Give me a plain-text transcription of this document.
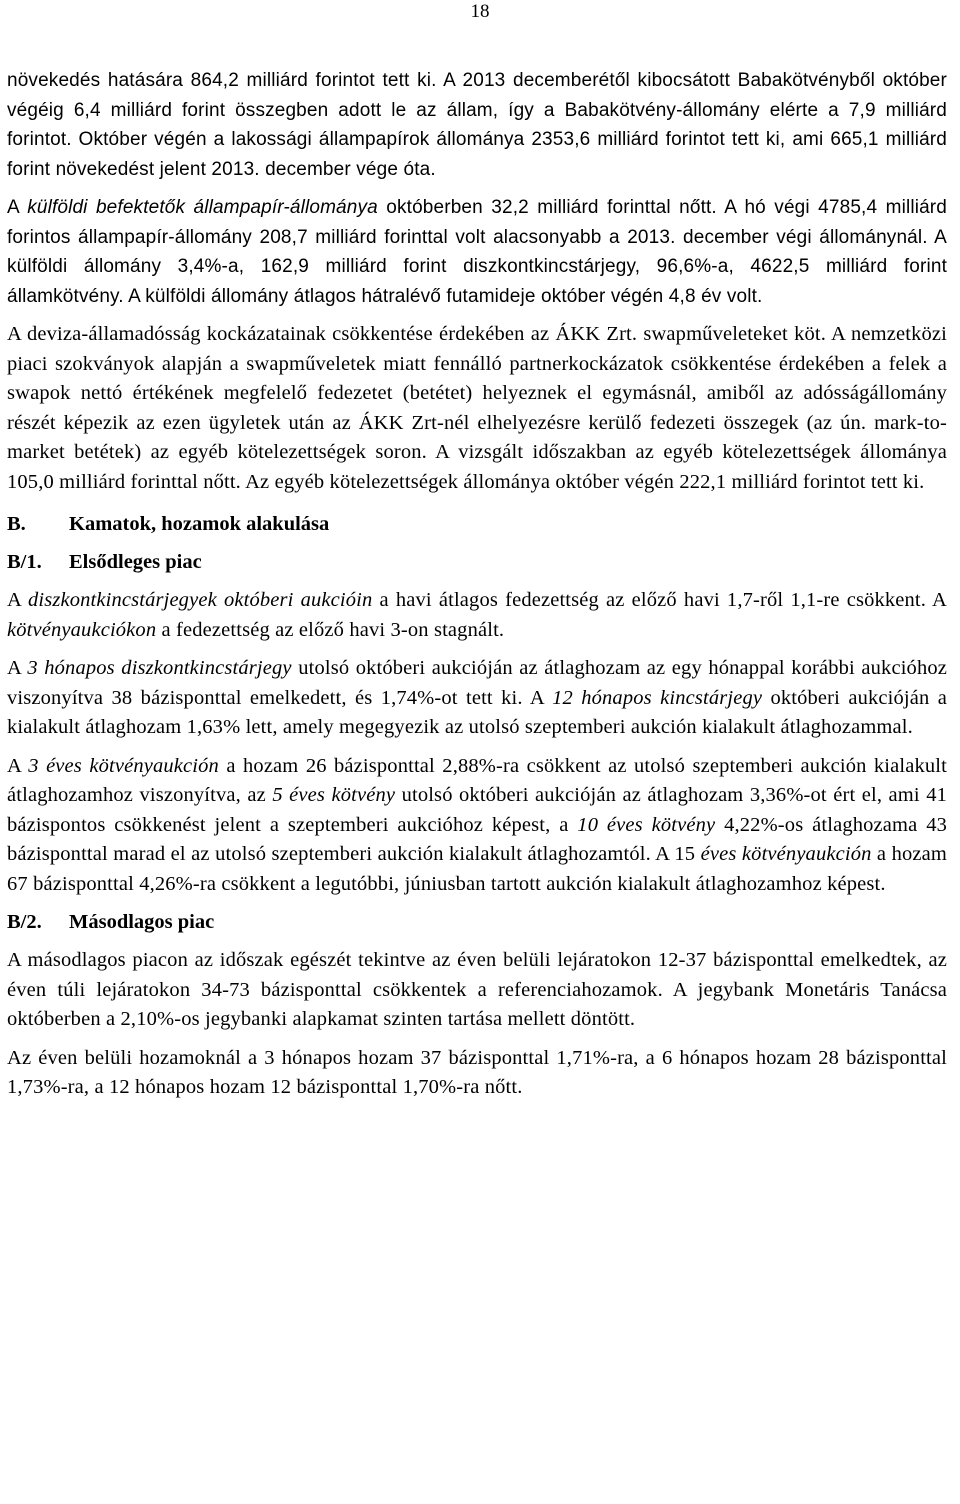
18

növekedés hatására 864,2 milliárd forintot tett ki. A 2013 decemberétől kibocsátott Babakötvényből október végéig 6,4 milliárd forint összegben adott le az állam, így a Babakötvény-állomány elérte a 7,9 milliárd forintot. Október végén a lakossági állampapírok állománya 2353,6 milliárd forintot tett ki, ami 665,1 milliárd forint növekedést jelent 2013. december vége óta.

A külföldi befektetők állampapír-állománya októberben 32,2 milliárd forinttal nőtt. A hó végi 4785,4 milliárd forintos állampapír-állomány 208,7 milliárd forinttal volt alacsonyabb a 2013. december végi állománynál. A külföldi állomány 3,4%-a, 162,9 milliárd forint diszkontkincstárjegy, 96,6%-a, 4622,5 milliárd forint államkötvény. A külföldi állomány átlagos hátralévő futamideje október végén 4,8 év volt.

A deviza-államadósság kockázatainak csökkentése érdekében az ÁKK Zrt. swapműveleteket köt. A nemzetközi piaci szokványok alapján a swapműveletek miatt fennálló partnerkockázatok csökkentése érdekében a felek a swapok nettó értékének megfelelő fedezetet (betétet) helyeznek el egymásnál, amiből az adósságállomány részét képezik az ezen ügyletek után az ÁKK Zrt-nél elhelyezésre kerülő fedezeti összegek (az ún. mark-to-market betétek) az egyéb kötelezettségek soron. A vizsgált időszakban az egyéb kötelezettségek állománya 105,0 milliárd forinttal nőtt. Az egyéb kötelezettségek állománya október végén 222,1 milliárd forintot tett ki.

B. Kamatok, hozamok alakulása
B/1. Elsődleges piac

A diszkontkincstárjegyek októberi aukcióin a havi átlagos fedezettség az előző havi 1,7-ről 1,1-re csökkent. A kötvényaukciókon a fedezettség az előző havi 3-on stagnált.

A 3 hónapos diszkontkincstárjegy utolsó októberi aukcióján az átlaghozam az egy hónappal korábbi aukcióhoz viszonyítva 38 bázisponttal emelkedett, és 1,74%-ot tett ki. A 12 hónapos kincstárjegy októberi aukcióján a kialakult átlaghozam 1,63% lett, amely megegyezik az utolsó szeptemberi aukción kialakult átlaghozammal.

A 3 éves kötvényaukción a hozam 26 bázisponttal 2,88%-ra csökkent az utolsó szeptemberi aukción kialakult átlaghozamhoz viszonyítva, az 5 éves kötvény utolsó októberi aukcióján az átlaghozam 3,36%-ot ért el, ami 41 bázispontos csökkenést jelent a szeptemberi aukcióhoz képest, a 10 éves kötvény 4,22%-os átlaghozama 43 bázisponttal marad el az utolsó szeptemberi aukción kialakult átlaghozamtól. A 15 éves kötvényaukción a hozam 67 bázisponttal 4,26%-ra csökkent a legutóbbi, júniusban tartott aukción kialakult átlaghozamhoz képest.

B/2. Másodlagos piac

A másodlagos piacon az időszak egészét tekintve az éven belüli lejáratokon 12-37 bázisponttal emelkedtek, az éven túli lejáratokon 34-73 bázisponttal csökkentek a referenciahozamok. A jegybank Monetáris Tanácsa októberben a 2,10%-os jegybanki alapkamat szinten tartása mellett döntött.

Az éven belüli hozamoknál a 3 hónapos hozam 37 bázisponttal 1,71%-ra, a 6 hónapos hozam 28 bázisponttal 1,73%-ra, a 12 hónapos hozam 12 bázisponttal 1,70%-ra nőtt.
